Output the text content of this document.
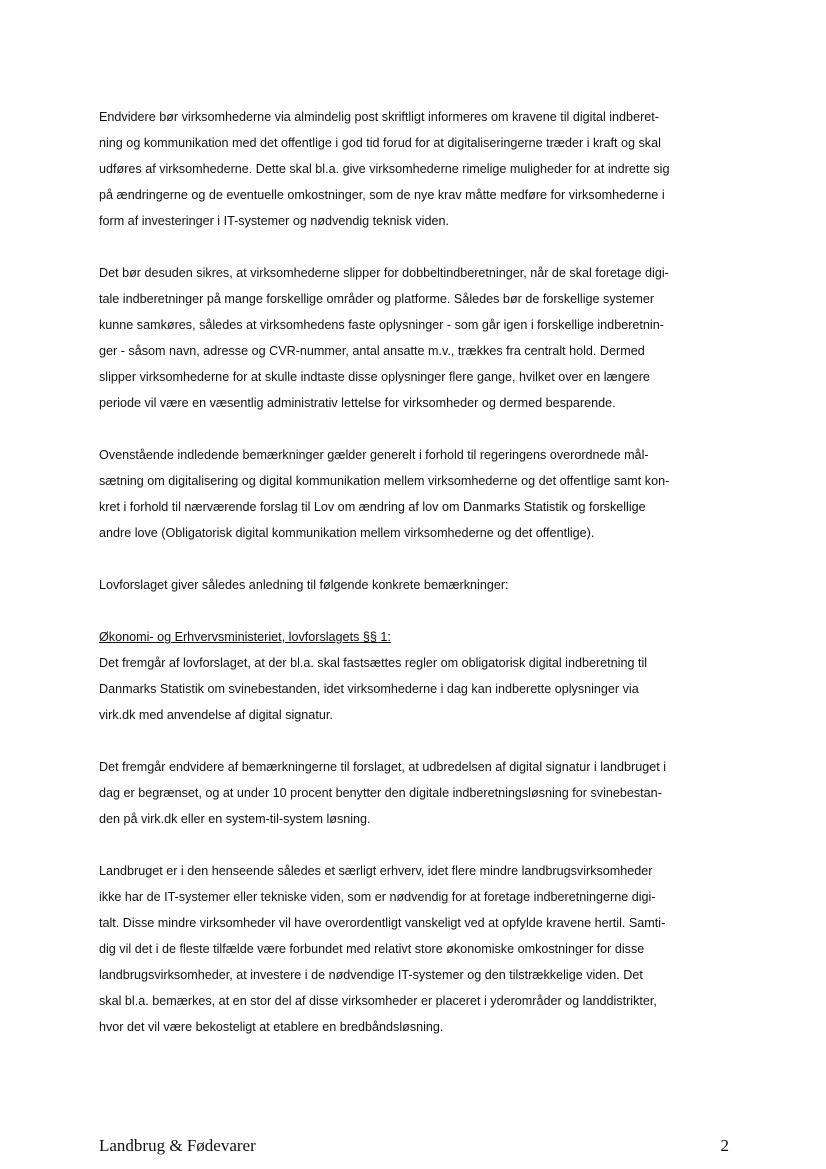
Endvidere bør virksomhederne via almindelig post skriftligt informeres om kravene til digital indberet-
ning og kommunikation med det offentlige i god tid forud for at digitaliseringerne træder i kraft og skal
udføres af virksomhederne. Dette skal bl.a. give virksomhederne rimelige muligheder for at indrette sig
på ændringerne og de eventuelle omkostninger, som de nye krav måtte medføre for virksomhederne i
form af investeringer i IT-systemer og nødvendig teknisk viden.

Det bør desuden sikres, at virksomhederne slipper for dobbeltindberetninger, når de skal foretage digi-
tale indberetninger på mange forskellige områder og platforme. Således bør de forskellige systemer
kunne samkøres, således at virksomhedens faste oplysninger - som går igen i forskellige indberetnin-
ger - såsom navn, adresse og CVR-nummer, antal ansatte m.v., trækkes fra centralt hold. Dermed
slipper virksomhederne for at skulle indtaste disse oplysninger flere gange, hvilket over en længere
periode vil være en væsentlig administrativ lettelse for virksomheder og dermed besparende.

Ovenstående indledende bemærkninger gælder generelt i forhold til regeringens overordnede mål-
sætning om digitalisering og digital kommunikation mellem virksomhederne og det offentlige samt kon-
kret i forhold til nærværende forslag til Lov om ændring af lov om Danmarks Statistik og forskellige
andre love (Obligatorisk digital kommunikation mellem virksomhederne og det offentlige).

Lovforslaget giver således anledning til følgende konkrete bemærkninger:

Økonomi- og Erhvervsministeriet, lovforslagets §§ 1:
Det fremgår af lovforslaget, at der bl.a. skal fastsættes regler om obligatorisk digital indberetning til
Danmarks Statistik om svinebestanden, idet virksomhederne i dag kan indberette oplysninger via
virk.dk med anvendelse af digital signatur.

Det fremgår endvidere af bemærkningerne til forslaget, at udbredelsen af digital signatur i landbruget i
dag er begrænset, og at under 10 procent benytter den digitale indberetningsløsning for svinebestan-
den på virk.dk eller en system-til-system løsning.

Landbruget er i den henseende således et særligt erhverv, idet flere mindre landbrugsvirksomheder
ikke har de IT-systemer eller tekniske viden, som er nødvendig for at foretage indberetningerne digi-
talt. Disse mindre virksomheder vil have overordentligt vanskeligt ved at opfylde kravene hertil. Samti-
dig vil det i de fleste tilfælde være forbundet med relativt store økonomiske omkostninger for disse
landbrugsvirksomheder, at investere i de nødvendige IT-systemer og den tilstrækkelige viden. Det
skal bl.a. bemærkes, at en stor del af disse virksomheder er placeret i yderområder og landdistrikter,
hvor det vil være bekosteligt at etablere en bredbåndsløsning.

Landbrug & Fødevarer	2
